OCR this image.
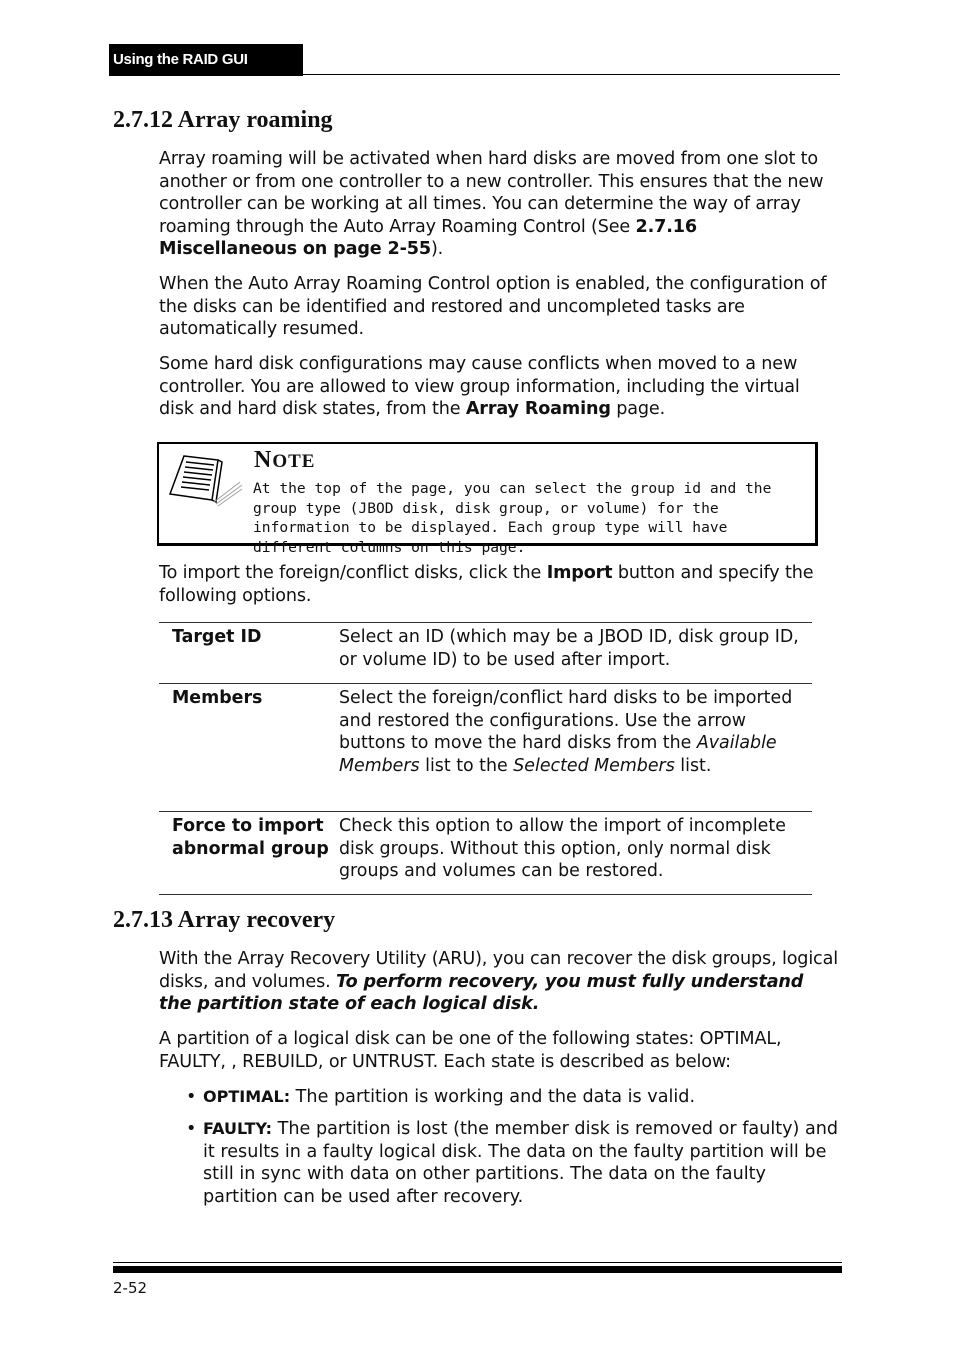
Using the RAID GUI
2.7.12 Array roaming

Array roaming will be activated when hard disks are moved from one slot to another or from one controller to a new controller. This ensures that the new controller can be working at all times. You can determine the way of array roaming through the Auto Array Roaming Control (See 2.7.16 Miscellaneous on page 2-55).

When the Auto Array Roaming Control option is enabled, the configuration of the disks can be identified and restored and uncompleted tasks are automatically resumed.

Some hard disk configurations may cause conflicts when moved to a new controller. You are allowed to view group information, including the virtual disk and hard disk states, from the Array Roaming page.

NOTE
At the top of the page, you can select the group id and the group type (JBOD disk, disk group, or volume) for the information to be displayed. Each group type will have different columns on this page.

To import the foreign/conflict disks, click the Import button and specify the following options.

Target ID	Select an ID (which may be a JBOD ID, disk group ID, or volume ID) to be used after import.
Members	Select the foreign/conflict hard disks to be imported and restored the configurations. Use the arrow buttons to move the hard disks from the Available Members list to the Selected Members list.
Force to import abnormal group
Check this option to allow the import of incomplete disk groups. Without this option, only normal disk groups and volumes can be restored.
2.7.13 Array recovery

With the Array Recovery Utility (ARU), you can recover the disk groups, logical disks, and volumes. To perform recovery, you must fully understand the partition state of each logical disk.

A partition of a logical disk can be one of the following states: OPTIMAL, FAULTY, , REBUILD, or UNTRUST. Each state is described as below:

• OPTIMAL: The partition is working and the data is valid.
• FAULTY: The partition is lost (the member disk is removed or faulty) and it results in a faulty logical disk. The data on the faulty partition will be still in sync with data on other partitions. The data on the faulty partition can be used after recovery.
2-52
